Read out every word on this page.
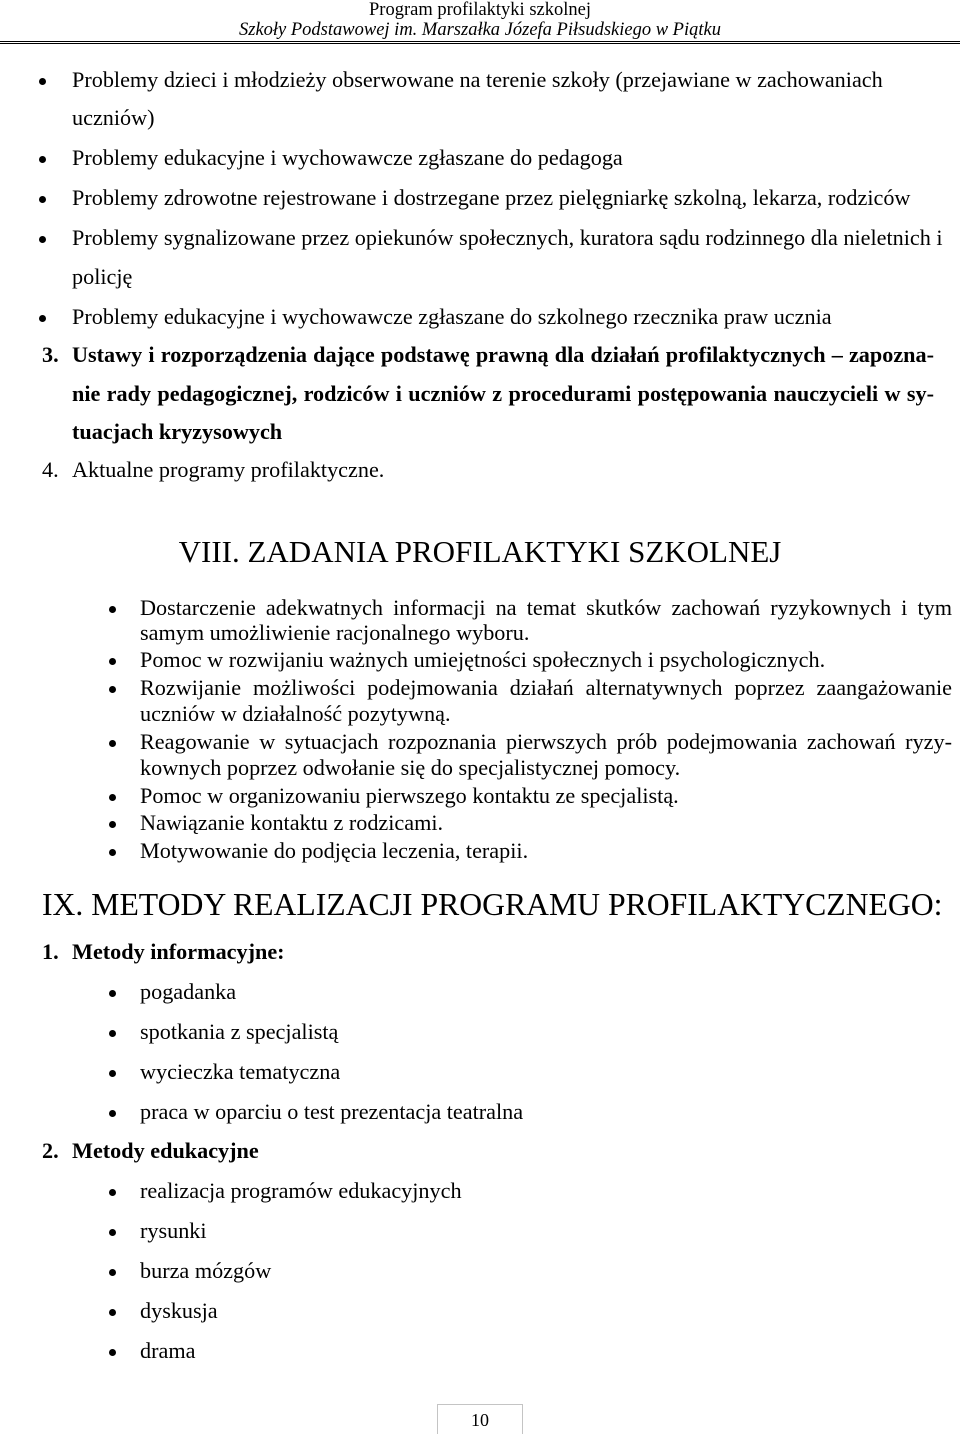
Program profilaktyki szkolnej
Szkoły Podstawowej im. Marszałka Józefa Piłsudskiego w Piątku
Problemy dzieci i młodzieży obserwowane na terenie szkoły (przejawiane w zachowaniach
uczniów)
Problemy edukacyjne i wychowawcze zgłaszane do pedagoga
Problemy zdrowotne rejestrowane i dostrzegane przez pielęgniarkę szkolną, lekarza, rodziców
Problemy sygnalizowane przez opiekunów społecznych, kuratora sądu rodzinnego dla nieletnich i
policję
Problemy edukacyjne i wychowawcze zgłaszane do szkolnego rzecznika praw ucznia
3. Ustawy i rozporządzenia dające podstawę prawną dla działań profilaktycznych – zapozna-
nie rady pedagogicznej, rodziców i uczniów z procedurami postępowania nauczycieli w sy-
tuacjach kryzysowych
4. Aktualne programy profilaktyczne.
VIII. ZADANIA PROFILAKTYKI SZKOLNEJ
Dostarczenie adekwatnych informacji na temat skutków zachowań ryzykownych i tym
samym umożliwienie racjonalnego wyboru.
Pomoc w rozwijaniu ważnych umiejętności społecznych i psychologicznych.
Rozwijanie możliwości podejmowania działań alternatywnych poprzez zaangażowanie
uczniów w działalność pozytywną.
Reagowanie w sytuacjach rozpoznania pierwszych prób podejmowania zachowań ryzy-
kownych poprzez odwołanie się do specjalistycznej pomocy.
Pomoc w organizowaniu pierwszego kontaktu ze specjalistą.
Nawiązanie kontaktu z rodzicami.
Motywowanie do podjęcia leczenia, terapii.
IX. METODY REALIZACJI PROGRAMU PROFILAKTYCZNEGO:
1. Metody informacyjne:
pogadanka
spotkania z specjalistą
wycieczka tematyczna
praca w oparciu o test prezentacja teatralna
2. Metody edukacyjne
realizacja programów edukacyjnych
rysunki
burza mózgów
dyskusja
drama
10
